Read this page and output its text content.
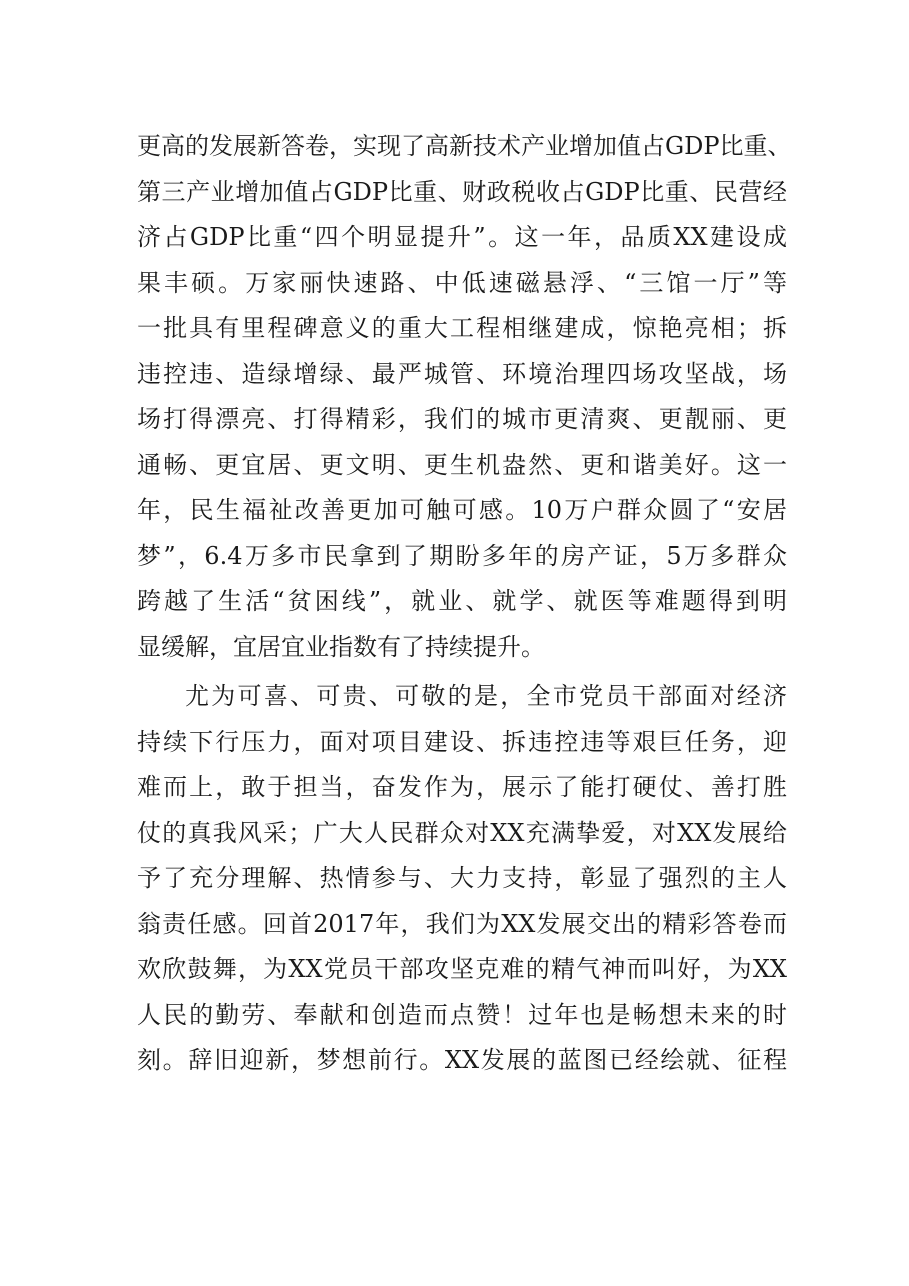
更高的发展新答卷，实现了高新技术产业增加值占GDP比重、
第三产业增加值占GDP比重、财政税收占GDP比重、民营经
济占GDP比重“四个明显提升”。这一年，品质XX建设成
果丰硕。万家丽快速路、中低速磁悬浮、“三馆一厅”等
一批具有里程碑意义的重大工程相继建成，惊艳亮相；拆
违控违、造绿增绿、最严城管、环境治理四场攻坚战，场
场打得漂亮、打得精彩，我们的城市更清爽、更靓丽、更
通畅、更宜居、更文明、更生机盎然、更和谐美好。这一
年，民生福祉改善更加可触可感。10万户群众圆了“安居
梦”，6.4万多市民拿到了期盼多年的房产证，5万多群众
跨越了生活“贫困线”，就业、就学、就医等难题得到明
显缓解，宜居宜业指数有了持续提升。
尤为可喜、可贵、可敬的是，全市党员干部面对经济
持续下行压力，面对项目建设、拆违控违等艰巨任务，迎
难而上，敢于担当，奋发作为，展示了能打硬仗、善打胜
仗的真我风采；广大人民群众对XX充满挚爱，对XX发展给
予了充分理解、热情参与、大力支持，彰显了强烈的主人
翁责任感。回首2017年，我们为XX发展交出的精彩答卷而
欢欣鼓舞，为XX党员干部攻坚克难的精气神而叫好，为XX
人民的勤劳、奉献和创造而点赞！过年也是畅想未来的时
刻。辞旧迎新，梦想前行。XX发展的蓝图已经绘就、征程
